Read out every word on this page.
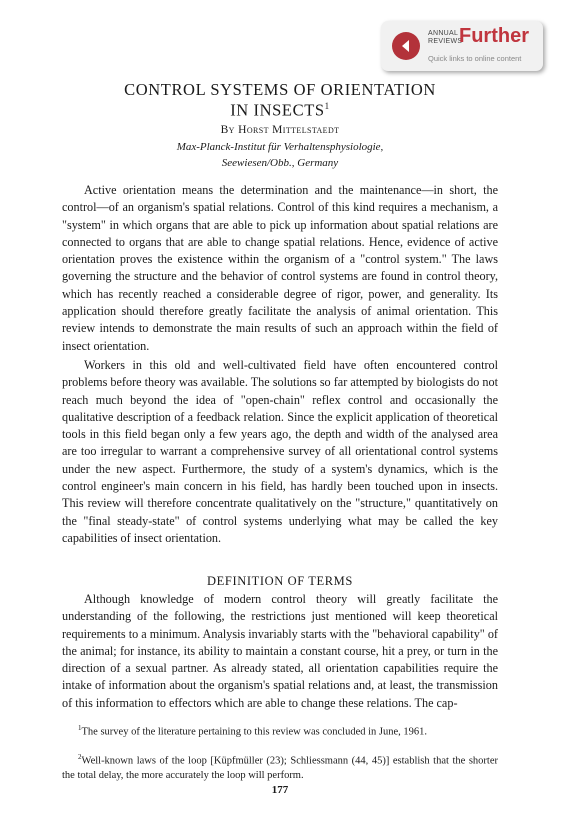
ANNUAL
REVIEWS
Further
Quick links to online content
CONTROL SYSTEMS OF ORIENTATION
IN INSECTS$^1$
By Horst Mittelstaedt
Max-Planck-Institut für Verhaltensphysiologie,
Seewiesen/Obb., Germany

Active orientation means the determination and the maintenance—in short, the control—of an organism's spatial relations. Control of this kind requires a mechanism, a "system" in which organs that are able to pick up information about spatial relations are connected to organs that are able to change spatial relations. Hence, evidence of active orientation proves the existence within the organism of a "control system." The laws governing the structure and the behavior of control systems are found in control theory, which has recently reached a considerable degree of rigor, power, and generality. Its application should therefore greatly facilitate the analysis of animal orientation. This review intends to demonstrate the main results of such an approach within the field of insect orientation.

Workers in this old and well-cultivated field have often encountered control problems before theory was available. The solutions so far attempted by biologists do not reach much beyond the idea of "open-chain" reflex control and occasionally the qualitative description of a feedback relation. Since the explicit application of theoretical tools in this field began only a few years ago, the depth and width of the analysed area are too irregular to warrant a comprehensive survey of all orientational control systems under the new aspect. Furthermore, the study of a system's dynamics, which is the control engineer's main concern in his field, has hardly been touched upon in insects. This review will therefore concentrate qualitatively on the "structure," quantitatively on the "final steady-state" of control systems underlying what may be called the key capabilities of insect orientation.

DEFINITION OF TERMS

Although knowledge of modern control theory will greatly facilitate the understanding of the following, the restrictions just mentioned will keep theoretical requirements to a minimum. Analysis invariably starts with the "behavioral capability" of the animal; for instance, its ability to maintain a constant course, hit a prey, or turn in the direction of a sexual partner. As already stated, all orientation capabilities require the intake of information about the organism's spatial relations and, at least, the transmission of this information to effectors which are able to change these relations. The cap-

$^1$The survey of the literature pertaining to this review was concluded in June, 1961.

$^2$Well-known laws of the loop [Küpfmüller (23); Schliessmann (44, 45)] establish that the shorter the total delay, the more accurately the loop will perform.

177
